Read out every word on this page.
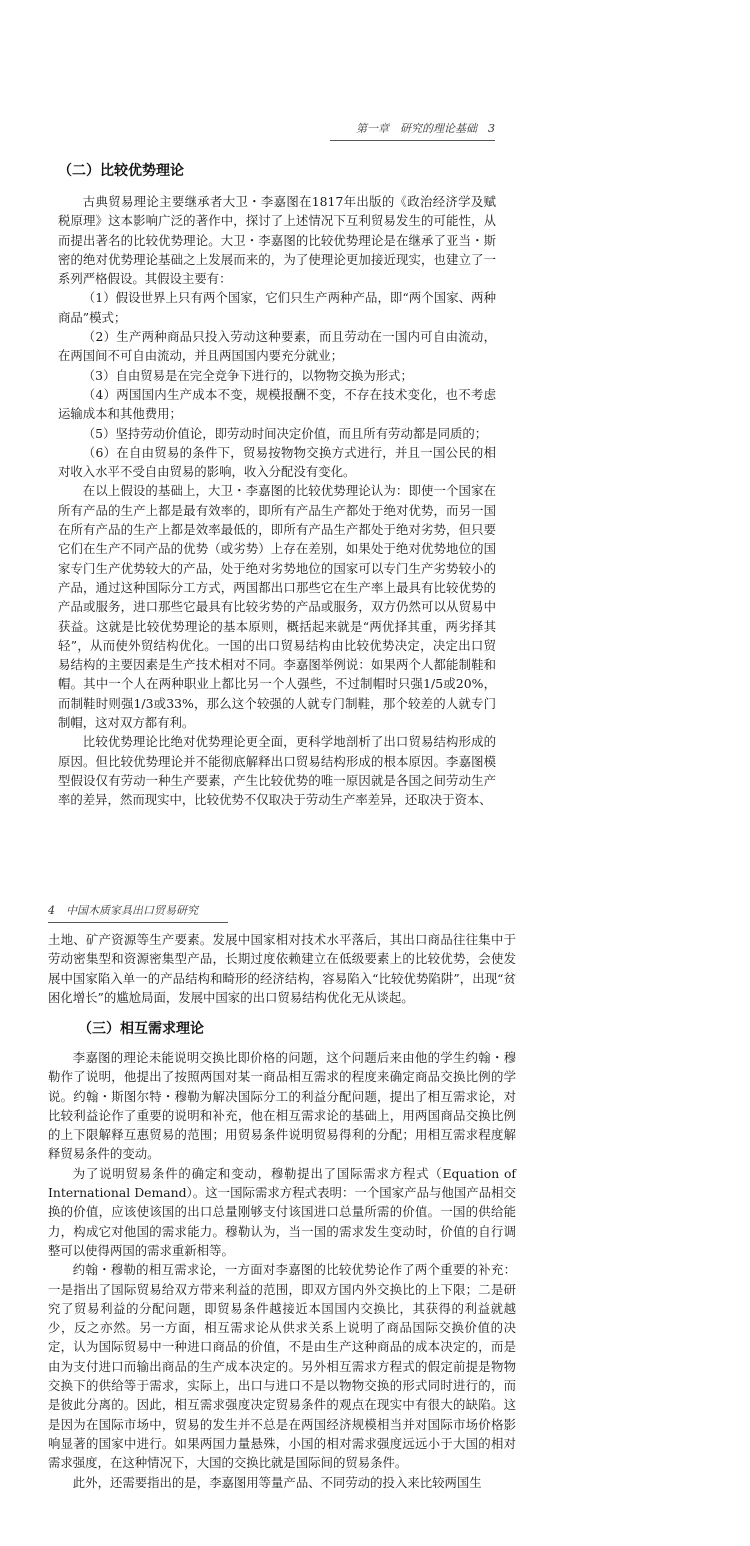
第一章　研究的理论基础　3
（二）比较优势理论

古典贸易理论主要继承者大卫・李嘉图在1817年出版的《政治经济学及赋税原理》这本影响广泛的著作中，探讨了上述情况下互利贸易发生的可能性，从而提出著名的比较优势理论。大卫・李嘉图的比较优势理论是在继承了亚当・斯密的绝对优势理论基础之上发展而来的，为了使理论更加接近现实，也建立了一系列严格假设。其假设主要有：

（1）假设世界上只有两个国家，它们只生产两种产品，即“两个国家、两种商品”模式；

（2）生产两种商品只投入劳动这种要素，而且劳动在一国内可自由流动，在两国间不可自由流动，并且两国国内要充分就业；

（3）自由贸易是在完全竞争下进行的，以物物交换为形式；

（4）两国国内生产成本不变，规模报酬不变，不存在技术变化，也不考虑运输成本和其他费用；

（5）坚持劳动价值论，即劳动时间决定价值，而且所有劳动都是同质的；

（6）在自由贸易的条件下，贸易按物物交换方式进行，并且一国公民的相对收入水平不受自由贸易的影响，收入分配没有变化。

在以上假设的基础上，大卫・李嘉图的比较优势理论认为：即使一个国家在所有产品的生产上都是最有效率的，即所有产品生产都处于绝对优势，而另一国在所有产品的生产上都是效率最低的，即所有产品生产都处于绝对劣势，但只要它们在生产不同产品的优势（或劣势）上存在差别，如果处于绝对优势地位的国家专门生产优势较大的产品，处于绝对劣势地位的国家可以专门生产劣势较小的产品，通过这种国际分工方式，两国都出口那些它在生产率上最具有比较优势的产品或服务，进口那些它最具有比较劣势的产品或服务，双方仍然可以从贸易中获益。这就是比较优势理论的基本原则，概括起来就是“两优择其重，两劣择其轻”，从而使外贸结构优化。一国的出口贸易结构由比较优势决定，决定出口贸易结构的主要因素是生产技术相对不同。李嘉图举例说：如果两个人都能制鞋和帽。其中一个人在两种职业上都比另一个人强些，不过制帽时只强1/5或20%，而制鞋时则强1/3或33%，那么这个较强的人就专门制鞋，那个较差的人就专门制帽，这对双方都有利。

比较优势理论比绝对优势理论更全面，更科学地剖析了出口贸易结构形成的原因。但比较优势理论并不能彻底解释出口贸易结构形成的根本原因。李嘉图模型假设仅有劳动一种生产要素，产生比较优势的唯一原因就是各国之间劳动生产率的差异，然而现实中，比较优势不仅取决于劳动生产率差异，还取决于资本、

4　中国木质家具出口贸易研究

土地、矿产资源等生产要素。发展中国家相对技术水平落后，其出口商品往往集中于劳动密集型和资源密集型产品，长期过度依赖建立在低级要素上的比较优势，会使发展中国家陷入单一的产品结构和畸形的经济结构，容易陷入“比较优势陷阱”，出现“贫困化增长”的尴尬局面，发展中国家的出口贸易结构优化无从谈起。

（三）相互需求理论

李嘉图的理论未能说明交换比即价格的问题，这个问题后来由他的学生约翰・穆勒作了说明，他提出了按照两国对某一商品相互需求的程度来确定商品交换比例的学说。约翰・斯图尔特・穆勒为解决国际分工的利益分配问题，提出了相互需求论，对比较利益论作了重要的说明和补充，他在相互需求论的基础上，用两国商品交换比例的上下限解释互惠贸易的范围；用贸易条件说明贸易得利的分配；用相互需求程度解释贸易条件的变动。

为了说明贸易条件的确定和变动，穆勒提出了国际需求方程式（Equation of International Demand）。这一国际需求方程式表明：一个国家产品与他国产品相交换的价值，应该使该国的出口总量刚够支付该国进口总量所需的价值。一国的供给能力，构成它对他国的需求能力。穆勒认为，当一国的需求发生变动时，价值的自行调整可以使得两国的需求重新相等。

约翰・穆勒的相互需求论，一方面对李嘉图的比较优势论作了两个重要的补充：一是指出了国际贸易给双方带来利益的范围，即双方国内外交换比的上下限；二是研究了贸易利益的分配问题，即贸易条件越接近本国国内交换比，其获得的利益就越少，反之亦然。另一方面，相互需求论从供求关系上说明了商品国际交换价值的决定，认为国际贸易中一种进口商品的价值，不是由生产这种商品的成本决定的，而是由为支付进口而输出商品的生产成本决定的。另外相互需求方程式的假定前提是物物交换下的供给等于需求，实际上，出口与进口不是以物物交换的形式同时进行的，而是彼此分离的。因此，相互需求强度决定贸易条件的观点在现实中有很大的缺陷。这是因为在国际市场中，贸易的发生并不总是在两国经济规模相当并对国际市场价格影响显著的国家中进行。如果两国力量悬殊，小国的相对需求强度远远小于大国的相对需求强度，在这种情况下，大国的交换比就是国际间的贸易条件。

此外，还需要指出的是，李嘉图用等量产品、不同劳动的投入来比较两国生
